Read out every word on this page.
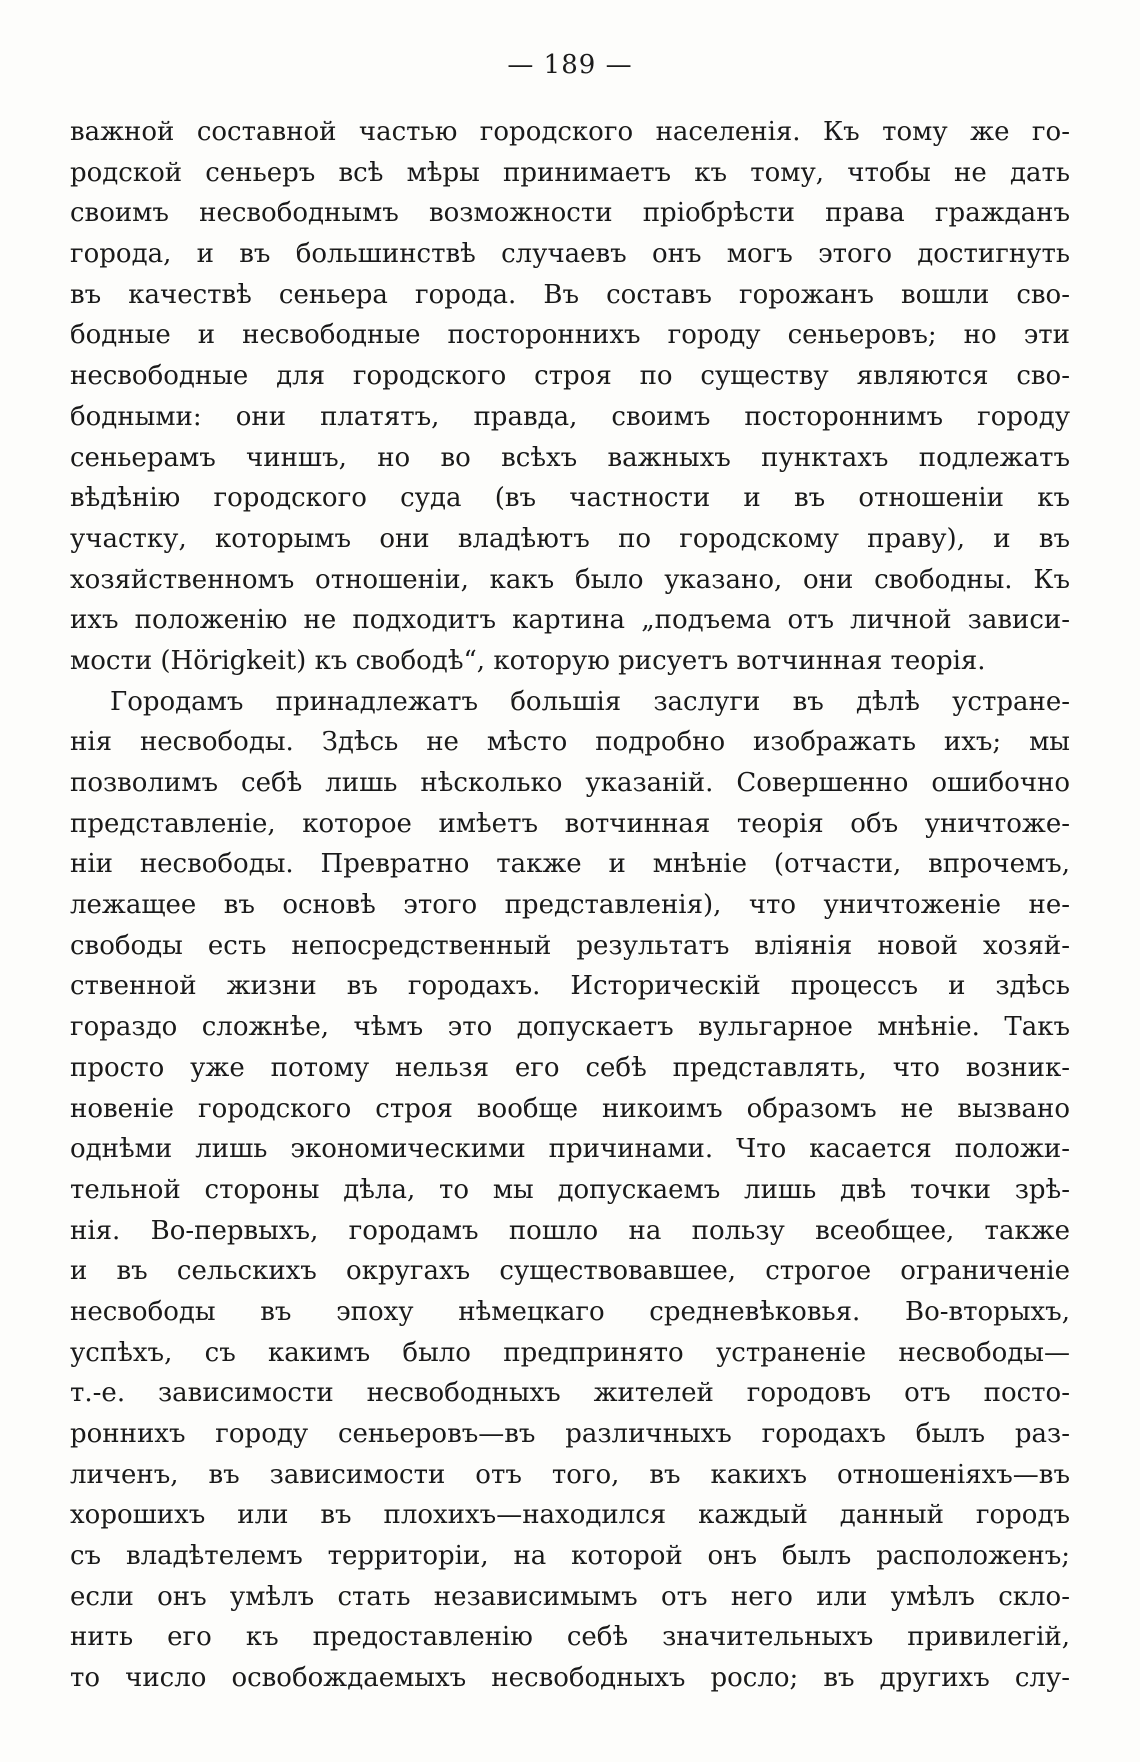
— 189 —
важной составной частью городского населенія. Къ тому же го-
родской сеньеръ всѣ мѣры принимаетъ къ тому, чтобы не дать
своимъ несвободнымъ возможности пріобрѣсти права гражданъ
города, и въ большинствѣ случаевъ онъ могъ этого достигнуть
въ качествѣ сеньера города. Въ составъ горожанъ вошли сво-
бодные и несвободные постороннихъ городу сеньеровъ; но эти
несвободные для городского строя по существу являются сво-
бодными: они платятъ, правда, своимъ постороннимъ городу
сеньерамъ чиншъ, но во всѣхъ важныхъ пунктахъ подлежатъ
вѣдѣнію городского суда (въ частности и въ отношеніи къ
участку, которымъ они владѣютъ по городскому праву), и въ
хозяйственномъ отношеніи, какъ было указано, они свободны. Къ
ихъ положенію не подходитъ картина „подъема отъ личной зависи-
мости (Hörigkeit) къ свободѣ“, которую рисуетъ вотчинная теорія.
Городамъ принадлежатъ большія заслуги въ дѣлѣ устране-
нія несвободы. Здѣсь не мѣсто подробно изображать ихъ; мы
позволимъ себѣ лишь нѣсколько указаній. Совершенно ошибочно
представленіе, которое имѣетъ вотчинная теорія объ уничтоже-
ніи несвободы. Превратно также и мнѣніе (отчасти, впрочемъ,
лежащее въ основѣ этого представленія), что уничтоженіе не-
свободы есть непосредственный результатъ вліянія новой хозяй-
ственной жизни въ городахъ. Историческій процессъ и здѣсь
гораздо сложнѣе, чѣмъ это допускаетъ вульгарное мнѣніе. Такъ
просто уже потому нельзя его себѣ представлять, что возник-
новеніе городского строя вообще никоимъ образомъ не вызвано
однѣми лишь экономическими причинами. Что касается положи-
тельной стороны дѣла, то мы допускаемъ лишь двѣ точки зрѣ-
нія. Во-первыхъ, городамъ пошло на пользу всеобщее, также
и въ сельскихъ округахъ существовавшее, строгое ограниченіе
несвободы въ эпоху нѣмецкаго средневѣковья. Во-вторыхъ,
успѣхъ, съ какимъ было предпринято устраненіе несвободы—
т.-е. зависимости несвободныхъ жителей городовъ отъ посто-
роннихъ городу сеньеровъ—въ различныхъ городахъ былъ раз-
личенъ, въ зависимости отъ того, въ какихъ отношеніяхъ—въ
хорошихъ или въ плохихъ—находился каждый данный городъ
съ владѣтелемъ территоріи, на которой онъ былъ расположенъ;
если онъ умѣлъ стать независимымъ отъ него или умѣлъ скло-
нить его къ предоставленію себѣ значительныхъ привилегій,
то число освобождаемыхъ несвободныхъ росло; въ другихъ слу-
